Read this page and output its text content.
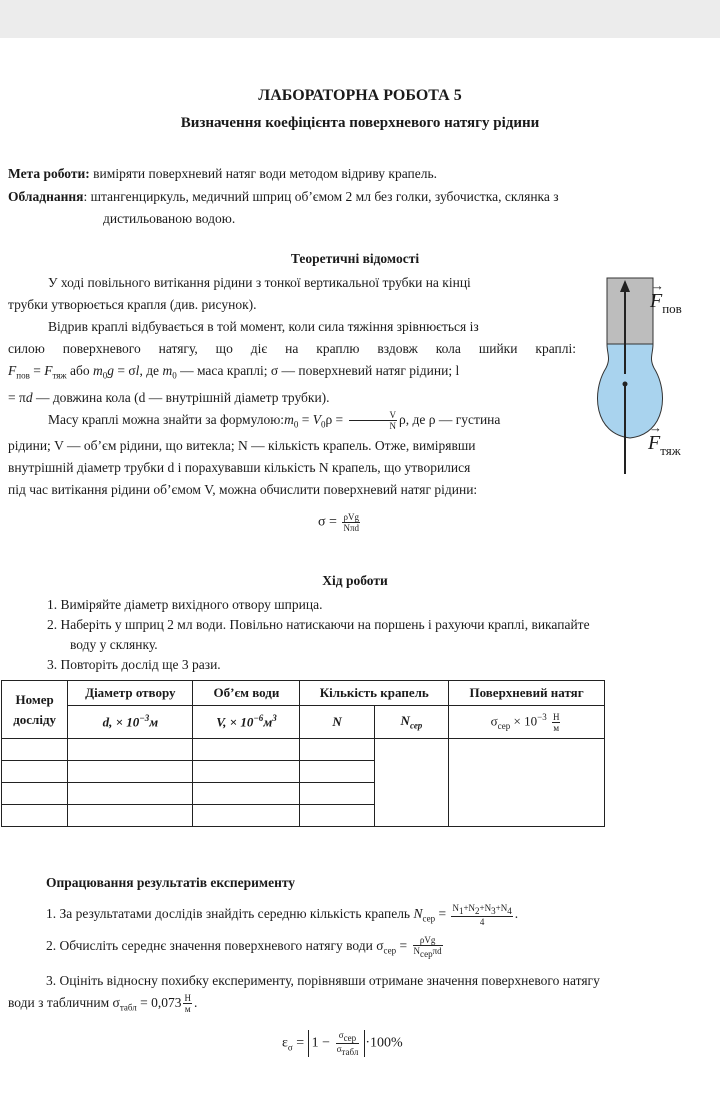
ЛАБОРАТОРНА РОБОТА 5
Визначення коефіцієнта поверхневого натягу рідини

Мета роботи: виміряти поверхневий натяг води методом відриву крапель.

Обладнання: штангенциркуль, медичний шприц об’ємом 2 мл без голки, зубочистка, склянка з

дистильованою водою.

Теоретичні відомості

У ході повільного витікання рідини з тонкої вертикальної трубки на кінці

трубки утворюється крапля (див. рисунок).

Відрив краплі відбувається в той момент, коли сила тяжіння зрівнюється із

силою поверхневого натягу, що діє на краплю вздовж кола шийки краплі:

$F_{пов} = F_{тяж}$ або $m_0g = \sigma l$, де $m_0$ — маса краплі; σ — поверхневий натяг рідини; l

= πd — довжина кола (d — внутрішній діаметр трубки).

Масу краплі можна знайти за $формулою:m_0 = V_0\rho = \frac{V}{N} \rho$, де ρ — густина

рідини; V — об’єм рідини, що витекла; N — кількість крапель. Отже, вимірявши

внутрішній діаметр трубки d і порахувавши кількість N крапель, що утворилися

під час витікання рідини об’ємом V, можна обчислити поверхневий натяг рідини:

$\sigma = \frac{\text{ρVg}}{\text{Nπd}}$
F
→
$_{пов}$
F
→
$_{тяж}$
Хід роботи
1. Виміряйте діаметр вихідного отвору шприца.
2. Наберіть у шприц 2 мл води. Повільно натискаючи на поршень і рахуючи краплі, викапайте
воду у склянку.
3. Повторіть дослід ще 3 рази.
Номер
досліду	Діаметр отвору	Об’єм води	Кількість крапель		Поверхневий натяг
	d, × $10^{-3}м$	V, × $10^{-6}м^3$	N	$N_{сер}$	$\sigma_{сер} \times 10^{-3} \frac{Н}{м}$

Опрацювання результатів експерименту

1. За результатами дослідів знайдіть середню кількість крапель $N_{сер} = \frac{N_1+N_2+N_3+N_4}{4}$ .

2. Обчисліть середнє значення поверхневого натягу води $\sigma_{сер} = \frac{\text{ρVg}}{N_{сер}\pi d}$

3. Оцініть відносну похибку експерименту, порівнявши отримане значення поверхневого натягу

води з табличним $\sigma_{табл} = 0,073 \frac{Н}{м}$ .

$\varepsilon_\sigma = 1 - \frac{\sigma_{сер}}{\sigma_{табл}} \cdot 100\%$
